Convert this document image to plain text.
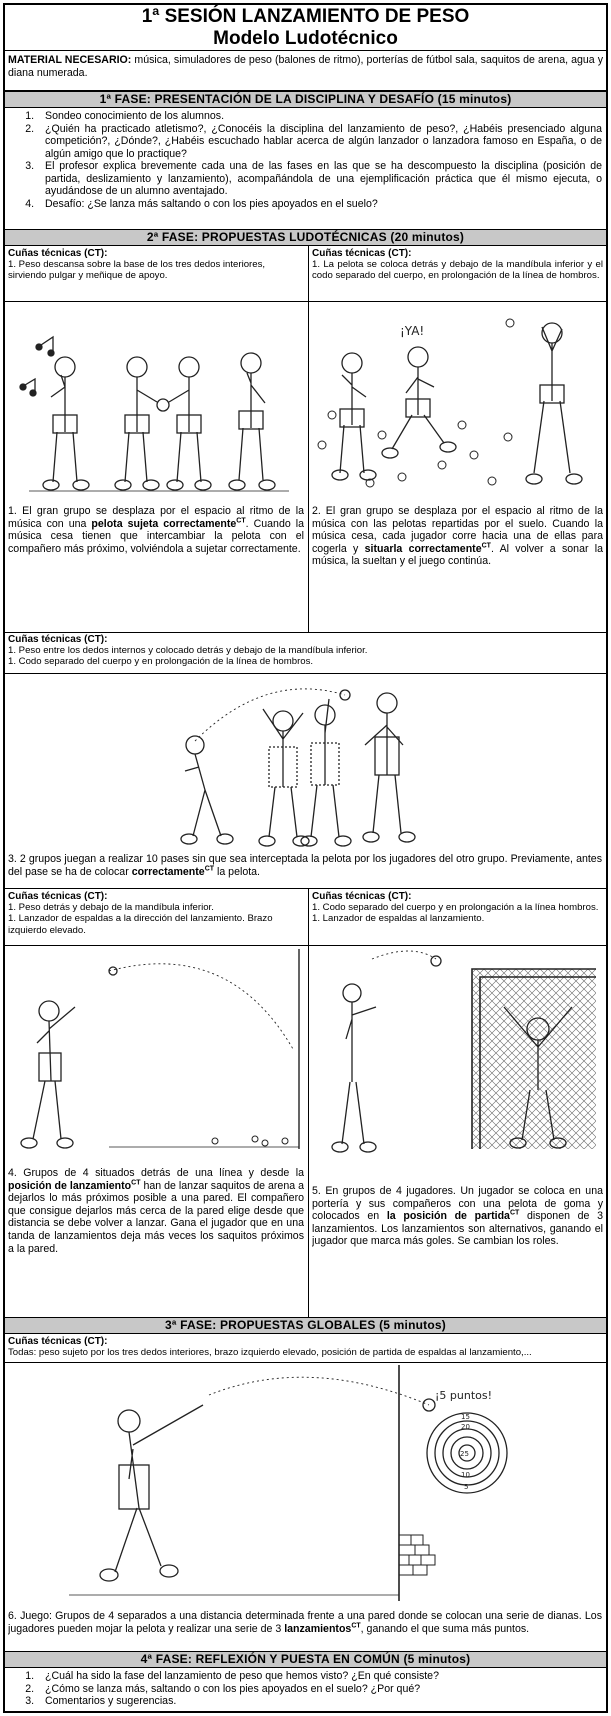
1ª SESIÓN LANZAMIENTO DE PESO
Modelo Ludotécnico
MATERIAL NECESARIO: música, simuladores de peso (balones de ritmo), porterías de fútbol sala, saquitos de arena, agua y diana numerada.
1ª FASE: PRESENTACIÓN DE LA DISCIPLINA Y DESAFÍO (15 minutos)
1. Sondeo conocimiento de los alumnos.
2. ¿Quién ha practicado atletismo?, ¿Conocéis la disciplina del lanzamiento de peso?, ¿Habéis presenciado alguna competición?, ¿Dónde?, ¿Habéis escuchado hablar acerca de algún lanzador o lanzadora famoso en España, o de algún amigo que lo practique?
3. El profesor explica brevemente cada una de las fases en las que se ha descompuesto la disciplina (posición de partida, deslizamiento y lanzamiento), acompañándola de una ejemplificación práctica que él mismo ejecuta, o ayudándose de un alumno aventajado.
4. Desafío: ¿Se lanza más saltando o con los pies apoyados en el suelo?
2ª FASE: PROPUESTAS LUDOTÉCNICAS (20 minutos)
Cuñas técnicas (CT):
1. Peso descansa sobre la base de los tres dedos interiores, sirviendo pulgar y meñique de apoyo.
Cuñas técnicas (CT):
1. La pelota se coloca detrás y debajo de la mandíbula inferior y el codo separado del cuerpo, en prolongación de la línea de hombros.
1. El gran grupo se desplaza por el espacio al ritmo de la música con una pelota sujeta correctamente$^{CT}$. Cuando la música cesa tienen que intercambiar la pelota con el compañero más próximo, volviéndola a sujetar correctamente.
¡YA!
2. El gran grupo se desplaza por el espacio al ritmo de la música con las pelotas repartidas por el suelo. Cuando la música cesa, cada jugador corre hacia una de ellas para cogerla y situarla correctamente$^{CT}$. Al volver a sonar la música, la sueltan y el juego continúa.
Cuñas técnicas (CT):
1. Peso entre los dedos internos y colocado detrás y debajo de la mandíbula inferior.
1. Codo separado del cuerpo y en prolongación de la línea de hombros.
3. 2 grupos juegan a realizar 10 pases sin que sea interceptada la pelota por los jugadores del otro grupo. Previamente, antes del pase se ha de colocar correctamente$^{CT}$ la pelota.
Cuñas técnicas (CT):
1. Peso detrás y debajo de la mandíbula inferior.
1. Lanzador de espaldas a la dirección del lanzamiento. Brazo izquierdo elevado.
Cuñas técnicas (CT):
1. Codo separado del cuerpo y en prolongación a la línea hombros.
1. Lanzador de espaldas al lanzamiento.
4. Grupos de 4 situados detrás de una línea y desde la posición de lanzamiento$^{CT}$ han de lanzar saquitos de arena a dejarlos lo más próximos posible a una pared. El compañero que consigue dejarlos más cerca de la pared elige desde que distancia se debe volver a lanzar. Gana el jugador que en una tanda de lanzamientos deja más veces los saquitos próximos a la pared.
5. En grupos de 4 jugadores. Un jugador se coloca en una portería y sus compañeros con una pelota de goma y colocados en la posición de partida$^{CT}$ disponen de 3 lanzamientos. Los lanzamientos son alternativos, ganando el jugador que marca más goles. Se cambian los roles.
3ª FASE: PROPUESTAS GLOBALES (5 minutos)
Cuñas técnicas (CT):
Todas: peso sujeto por los tres dedos interiores, brazo izquierdo elevado, posición de partida de espaldas al lanzamiento,...
¡5 puntos!
15
20
25
10
5
6. Juego: Grupos de 4 separados a una distancia determinada frente a una pared donde se colocan una serie de dianas. Los jugadores pueden mojar la pelota y realizar una serie de 3 lanzamientos$^{CT}$, ganando el que suma más puntos.
4ª FASE: REFLEXIÓN Y PUESTA EN COMÚN (5 minutos)
1. ¿Cuál ha sido la fase del lanzamiento de peso que hemos visto? ¿En qué consiste?
2. ¿Cómo se lanza más, saltando o con los pies apoyados en el suelo? ¿Por qué?
3. Comentarios y sugerencias.
